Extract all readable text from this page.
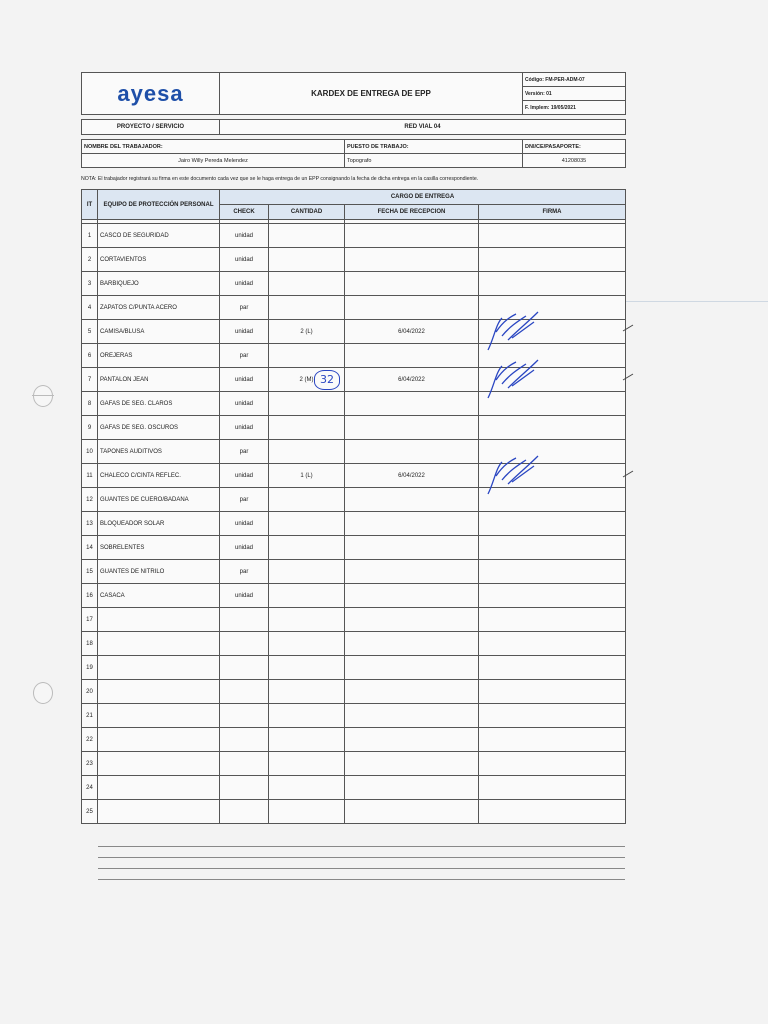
ayesa	KARDEX DE ENTREGA DE EPP
Código: FM-PER-ADM-07
Versión: 01
F. Implem: 19/05/2021
PROYECTO / SERVICIO	RED VIAL 04
NOMBRE DEL TRABAJADOR:
Jairo Willy Pereda Melendez
PUESTO DE TRABAJO:
Topografo
DNI/CE/PASAPORTE:
41208035
NOTA: El trabajador registrará su firma en este documento cada vez que se le haga entrega de un EPP consignando la fecha de dicha entrega en la casilla correspondiente.
IT	EQUIPO DE PROTECCIÓN PERSONAL	CARGO DE ENTREGA			
		CHECK	CANTIDAD	FECHA DE RECEPCION	FIRMA

1	CASCO DE SEGURIDAD	unidad			
2	CORTAVIENTOS	unidad			
3	BARBIQUEJO	unidad			
4	ZAPATOS C/PUNTA ACERO	par			
5	CAMISA/BLUSA	unidad	2 (L)	6/04/2022	

6	OREJERAS	par			
7	PANTALON JEAN	unidad	2 (M)	6/04/2022	

8	GAFAS DE SEG. CLAROS	unidad			
9	GAFAS DE SEG. OSCUROS	unidad			
10	TAPONES AUDITIVOS	par			
11	CHALECO C/CINTA REFLEC.	unidad	1 (L)	6/04/2022	

12	GUANTES DE CUERO/BADANA	par			
13	BLOQUEADOR SOLAR	unidad			
14	SOBRELENTES	unidad			
15	GUANTES DE NITRILO	par			
16	CASACA	unidad			
17					
18					
19					
20					
21					
22					
23					
24					
25					
32
